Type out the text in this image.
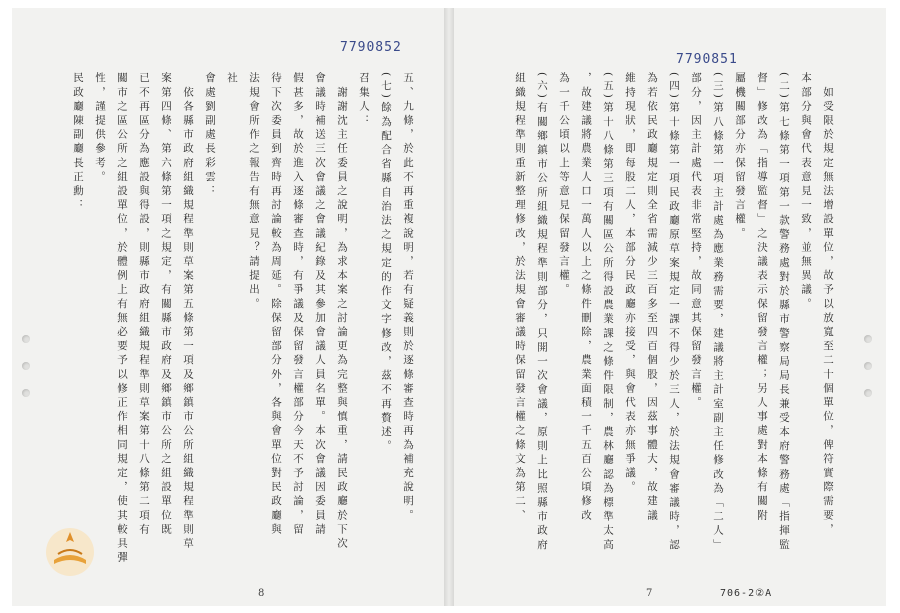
7790852
7790851
五、九條，於此不再重複說明，若有疑義則於逐條審查時再為補充說明。
(七)餘為配合省縣自治法之規定的作文字修改，茲不再贅述。
召集人：
　謝謝沈主任委員之說明，為求本案之討論更為完整與慎重，請民政廳於下次
會議時補送三次會議之會議紀錄及其參加會議人員名單。本次會議因委員請
假甚多，故於進入逐條審查時，有爭議及保留發言權部分今天不予討論，留
待下次委員到齊時再討論較為周延。除保留部分外，各與會單位對民政廳與
法規會所作之報告有無意見？請提出。
社
會處劉副處長彩雲：
　依各縣市政府組織規程準則草案第五條第一項及鄉鎮市公所組織規程準則草
案第四條、第六條第一項之規定，有關縣市政府及鄉鎮市公所之組設單位既
已不再區分為應設與得設，則縣市政府組織規程準則草案第十八條第二項有
關市之區公所之組設單位，於體例上有無必要予以修正作相同規定，使其較具彈
性，謹提供參考。
民政廳陳副廳長正勳：	　如受限於規定無法增設單位，故予以放寬至二十個單位，俾符實際需要，
本部分與會代表意見一致，並無異議。
(二)第七條第一項第一款警務處對於縣市警察局局長兼受本府警務處「指揮監
督」修改為「指導監督」之決議表示保留發言權；另人事處對本條有關附
屬機關部分亦保留發言權。
(三)第八條第一項主計處為應業務需要，建議將主計室副主任修改為「二人」
部分，因主計處代表非常堅持，故同意其保留發言權。
(四)第十條第一項民政廳原草案規定一課不得少於三人，於法規會審議時，認
為若依民政廳規定則全省需減少三百多至四百個股，因茲事體大，故建議
維持現狀，即每股二人，本部分民政廳亦接受，與會代表亦無爭議。
(五)第十八條第三項有關區公所得設農業課之條件限制，農林廳認為標準太高
，故建議將農業人口一萬人以上之條件刪除，農業面積一千五百公頃修改
為一千公頃以上等意見保留發言權。
(六)有關鄉鎮市公所組織規程準則部分，只開一次會議，原則上比照縣市政府
組織規程準則重新整理修改，於法規會審議時保留發言權之條文為第二、
8	7	706-2②A
